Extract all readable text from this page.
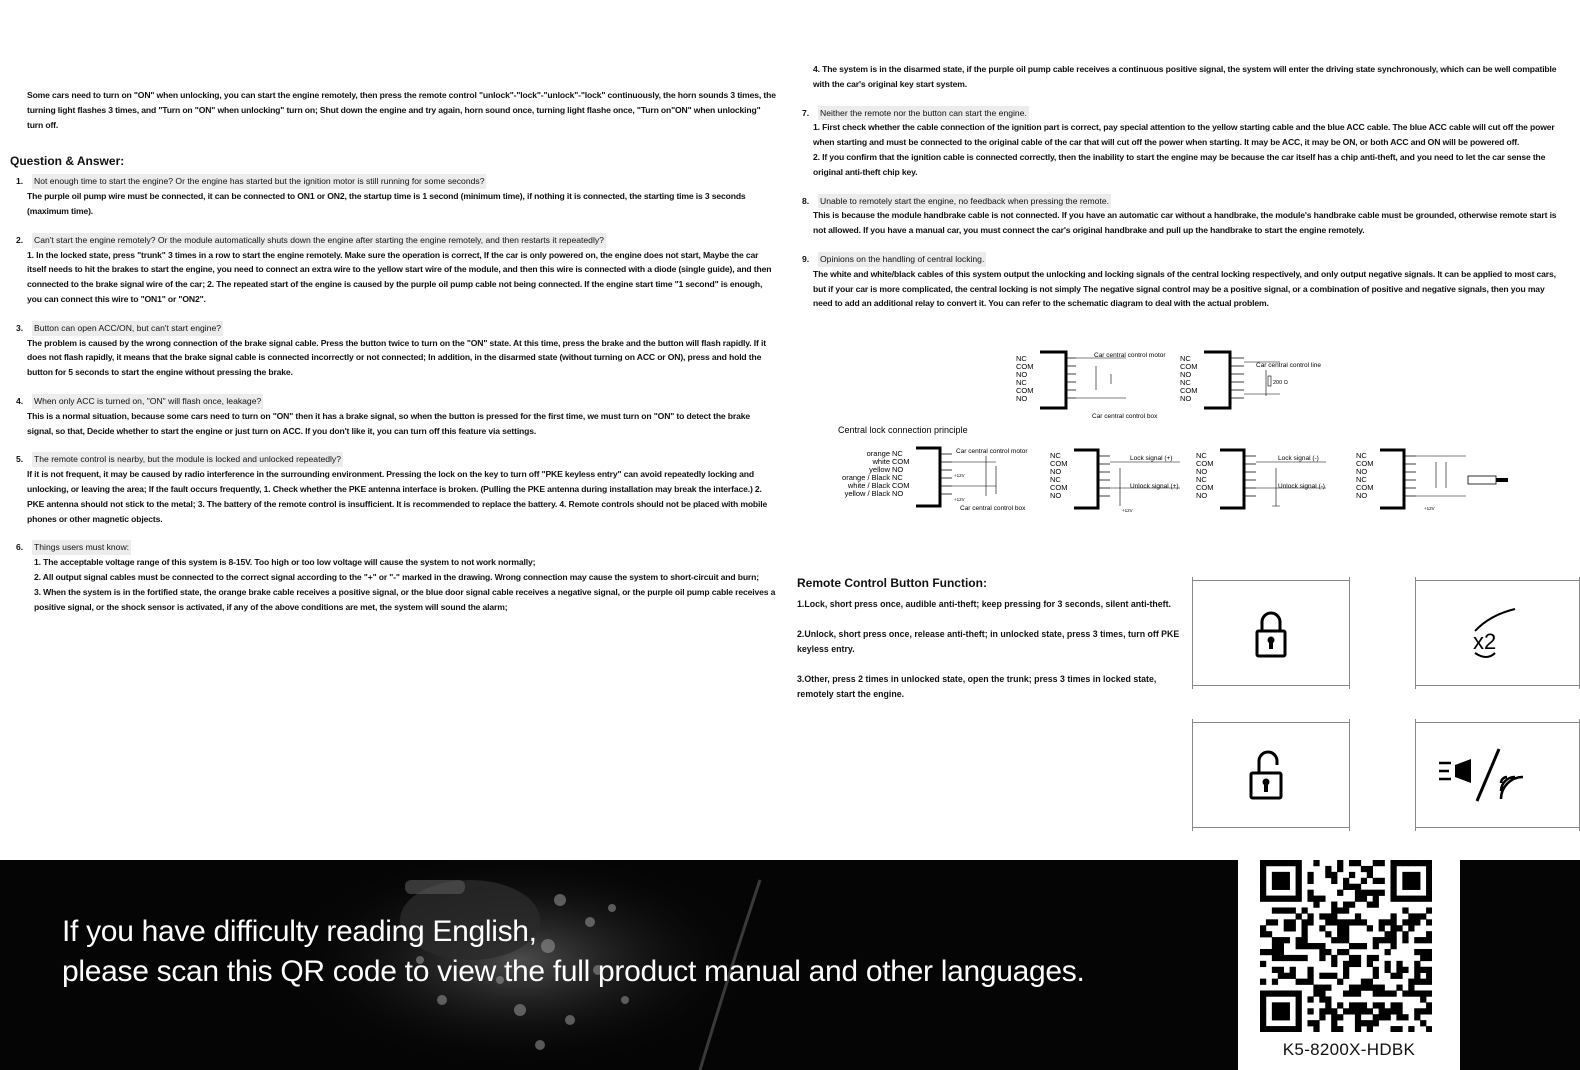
Some cars need to turn on "ON" when unlocking, you can start the engine remotely, then press the remote control "unlock"-"lock"-"unlock"-"lock" continuously, the horn sounds 3 times, the turning light flashes 3 times, and "Turn on "ON" when unlocking" turn on; Shut down the engine and try again, horn sound once, turning light flashe once, "Turn on"ON" when unlocking" turn off.

Question & Answer:
1.	Not enough time to start the engine? Or the engine has started but the ignition motor is still running for some seconds?
The purple oil pump wire must be connected, it can be connected to ON1 or ON2, the startup time is 1 second (minimum time), if nothing it is connected, the starting time is 3 seconds (maximum time).
2.	Can't start the engine remotely? Or the module automatically shuts down the engine after starting the engine remotely, and then restarts it repeatedly?
1. In the locked state, press "trunk" 3 times in a row to start the engine remotely. Make sure the operation is correct, If the car is only powered on, the engine does not start, Maybe the car itself needs to hit the brakes to start the engine, you need to connect an extra wire to the yellow start wire of the module, and then this wire is connected with a diode (single guide), and then connected to the brake signal wire of the car; 2. The repeated start of the engine is caused by the purple oil pump cable not being connected. If the engine start time "1 second" is enough, you can connect this wire to "ON1" or "ON2".
3.	Button can open ACC/ON, but can't start engine?
The problem is caused by the wrong connection of the brake signal cable. Press the button twice to turn on the "ON" state. At this time, press the brake and the button will flash rapidly. If it does not flash rapidly, it means that the brake signal cable is connected incorrectly or not connected; In addition, in the disarmed state (without turning on ACC or ON), press and hold the button for 5 seconds to start the engine without pressing the brake.
4.	When only ACC is turned on, "ON" will flash once, leakage?
This is a normal situation, because some cars need to turn on "ON" then it has a brake signal, so when the button is pressed for the first time, we must turn on "ON" to detect the brake signal, so that, Decide whether to start the engine or just turn on ACC. If you don't like it, you can turn off this feature via settings.
5.	The remote control is nearby, but the module is locked and unlocked repeatedly?
If it is not frequent, it may be caused by radio interference in the surrounding environment. Pressing the lock on the key to turn off "PKE keyless entry" can avoid repeatedly locking and unlocking, or leaving the area; If the fault occurs frequently, 1. Check whether the PKE antenna interface is broken. (Pulling the PKE antenna during installation may break the interface.) 2. PKE antenna should not stick to the metal; 3. The battery of the remote control is insufficient. It is recommended to replace the battery. 4. Remote controls should not be placed with mobile phones or other magnetic objects.
6.	Things users must know:
1. The acceptable voltage range of this system is 8-15V. Too high or too low voltage will cause the system to not work normally;
2. All output signal cables must be connected to the correct signal according to the "+" or "-" marked in the drawing. Wrong connection may cause the system to short-circuit and burn;
3. When the system is in the fortified state, the orange brake cable receives a positive signal, or the blue door signal cable receives a negative signal, or the purple oil pump cable receives a positive signal, or the shock sensor is activated, if any of the above conditions are met, the system will sound the alarm;

4. The system is in the disarmed state, if the purple oil pump cable receives a continuous positive signal, the system will enter the driving state synchronously, which can be well compatible with the car's original key start system.

7.	Neither the remote nor the button can start the engine.
1. First check whether the cable connection of the ignition part is correct, pay special attention to the yellow starting cable and the blue ACC cable. The blue ACC cable will cut off the power when starting and must be connected to the original cable of the car that will cut off the power when starting. It may be ACC, it may be ON, or both ACC and ON will be powered off.
2. If you confirm that the ignition cable is connected correctly, then the inability to start the engine may be because the car itself has a chip anti-theft, and you need to let the car sense the original anti-theft chip key.
8.	Unable to remotely start the engine, no feedback when pressing the remote.
This is because the module handbrake cable is not connected. If you have an automatic car without a handbrake, the module's handbrake cable must be grounded, otherwise remote start is not allowed. If you have a manual car, you must connect the car's original handbrake and pull up the handbrake to start the engine remotely.
9.	Opinions on the handling of central locking.
The white and white/black cables of this system output the unlocking and locking signals of the central locking respectively, and only output negative signals. It can be applied to most cars, but if your car is more complicated, the central locking is not simply The negative signal control may be a positive signal, or a combination of positive and negative signals, then you may need to add an additional relay to convert it. You can refer to the schematic diagram to deal with the actual problem.
NC
COM
NO
NC
COM
NO
Car central control motor
Car central control box
NC
COM
NO
NC
COM
NO
Car central control line
200 Ω
Central lock connection principle
orange
white
yellow
orange / Black
white / Black
yellow / Black
NC
COM
NO
NC
COM
NO
Car central control motor
Car central control box
+12V
+12V
NC
COM
NO
NC
COM
NO
Lock signal (+)
Unlock signal (+)
+12V
NC
COM
NO
NC
COM
NO
Lock signal (-)
Unlock signal (-)
NC
COM
NO
NC
COM
NO
+12V
Remote Control Button Function:

1.Lock, short press once, audible anti-theft; keep pressing for 3 seconds, silent anti-theft.

2.Unlock, short press once, release anti-theft; in unlocked state, press 3 times, turn off PKE keyless entry.

3.Other, press 2 times in unlocked state, open the trunk; press 3 times in locked state, remotely start the engine.

x2
If you have difficulty reading English,
please scan this QR code to view the full product manual and other languages.
K5-8200X-HDBK
